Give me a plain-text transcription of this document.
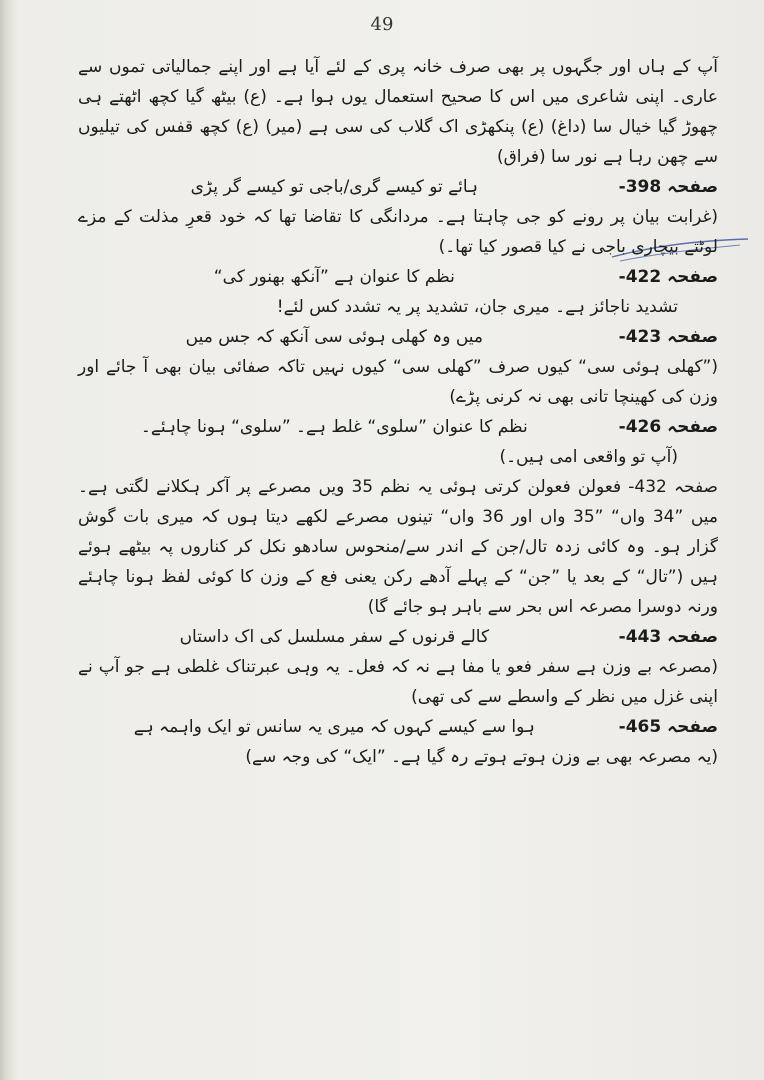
49
آپ کے ہاں اور جگہوں پر بھی صرف خانہ پری کے لئے آیا ہے اور اپنے جمالیاتی تموں سے عاری۔ اپنی شاعری میں اس کا صحیح استعمال یوں ہوا ہے۔ (ع) بیٹھ گیا کچھ اٹھتے ہی چھوڑ گیا خیال سا (داغ) (ع) پنکھڑی اک گلاب کی سی ہے (میر) (ع) کچھ قفس کی تیلیوں سے چھن رہا ہے نور سا (فراق)
صفحہ 398-
ہائے تو کیسے گری/باجی تو کیسے گر پڑی
(غرابت بیان پر رونے کو جی چاہتا ہے۔ مردانگی کا تقاضا تھا کہ خود قعرِ مذلت کے مزے لوٹتے بیچاری باجی نے کیا قصور کیا تھا۔)
صفحہ 422-
نظم کا عنوان ہے ”آنکھ بھنور کی“
تشدید ناجائز ہے۔ میری جان، تشدید پر یہ تشدد کس لئے!
صفحہ 423-
میں وہ کھلی ہوئی سی آنکھ کہ جس میں
(”کھلی ہوئی سی“ کیوں صرف ”کھلی سی“ کیوں نہیں تاکہ صفائی بیان بھی آ جائے اور وزن کی کھینچا تانی بھی نہ کرنی پڑے)
صفحہ 426-
نظم کا عنوان ”سلوی“ غلط ہے۔ ”سلوی“ ہونا چاہئے۔
(آپ تو واقعی امی ہیں۔)
صفحہ 432- فعولن فعولن کرتی ہوئی یہ نظم 35 ویں مصرعے پر آکر ہکلانے لگتی ہے۔ میں ”34 واں“ ”35 واں اور 36 واں“ تینوں مصرعے لکھے دیتا ہوں کہ میری بات گوش گزار ہو۔ وہ کائی زدہ تال/جن کے اندر سے/منحوس سادھو نکل کر کناروں پہ بیٹھے ہوئے ہیں (”تال“ کے بعد یا ”جن“ کے پہلے آدھے رکن یعنی فع کے وزن کا کوئی لفظ ہونا چاہئے ورنہ دوسرا مصرعہ اس بحر سے باہر ہو جائے گا)
صفحہ 443-
کالے قرنوں کے سفر مسلسل کی اک داستاں
(مصرعہ بے وزن ہے سفر فعو یا مفا ہے نہ کہ فعل۔ یہ وہی عبرتناک غلطی ہے جو آپ نے اپنی غزل میں نظر کے واسطے سے کی تھی)
صفحہ 465-
ہوا سے کیسے کہوں کہ میری یہ سانس تو ایک واہمہ ہے
(یہ مصرعہ بھی بے وزن ہوتے ہوتے رہ گیا ہے۔ ”ایک“ کی وجہ سے)
